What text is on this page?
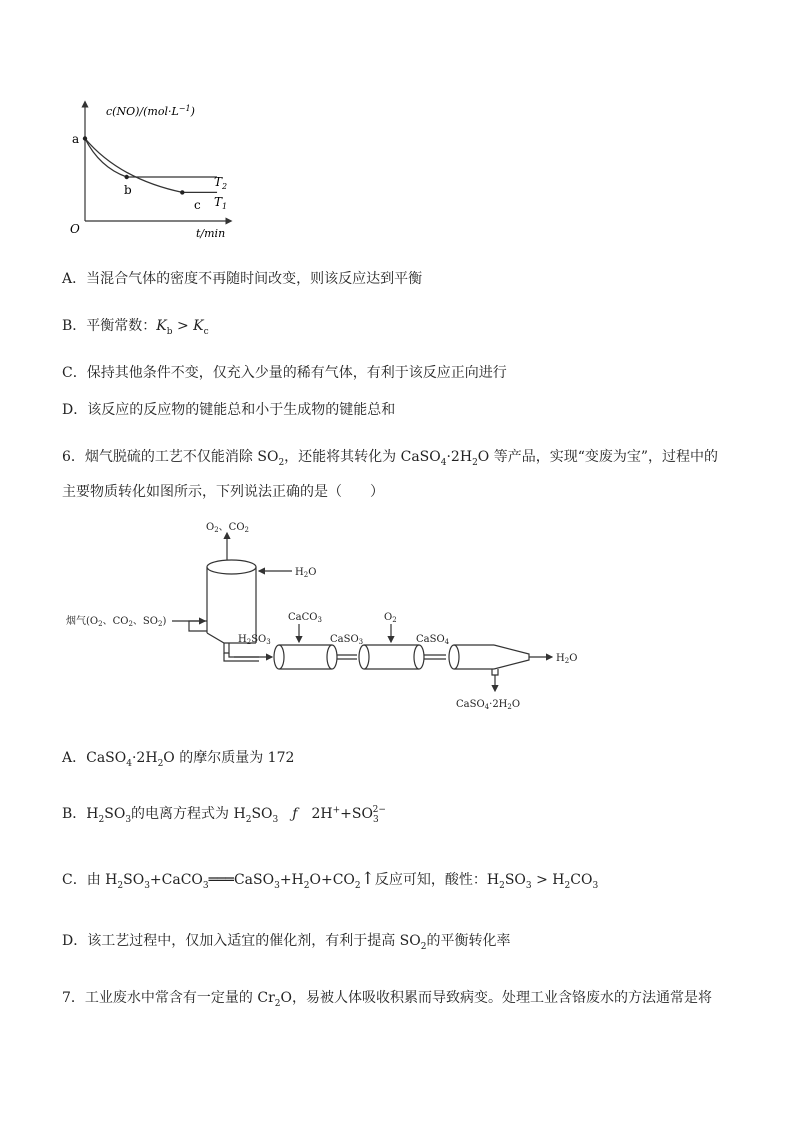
$c(NO)/(mol\cdot L^{-1})$
t/min
O
a
b
c
$T_2$
$T_1$
A．当混合气体的密度不再随时间改变，则该反应达到平衡
B．平衡常数：$K_b > K_c$
C．保持其他条件不变，仅充入少量的稀有气体，有利于该反应正向进行
D．该反应的反应物的键能总和小于生成物的键能总和
6．烟气脱硫的工艺不仅能消除 $SO_2$，还能将其转化为 $CaSO_4\cdot 2H_2O$ 等产品，实现“变废为宝”，过程中的
主要物质转化如图所示，下列说法正确的是（　　）
$O_2$、$CO_2$
$H_2O$
烟气($O_2$、$CO_2$、$SO_2$)
$H_2SO_3$
CaCO$_3$
CaSO$_3$
$O_2$
CaSO$_4$
$H_2O$
$CaSO_4\cdot 2H_2O$
A．$CaSO_4\cdot 2H_2O$ 的摩尔质量为 172
B．$H_2SO_3$的电离方程式为 $H_2SO_3$ ƒ $2H^++SO_3^{2-}$
C．由 $H_2SO_3+CaCO_3═══CaSO_3+H_2O+CO_2↑$反应可知，酸性：$H_2SO_3 > H_2CO_3$
D．该工艺过程中，仅加入适宜的催化剂，有利于提高 $SO_2$的平衡转化率
7．工业废水中常含有一定量的 $Cr_2O$，易被人体吸收积累而导致病变。处理工业含铬废水的方法通常是将
